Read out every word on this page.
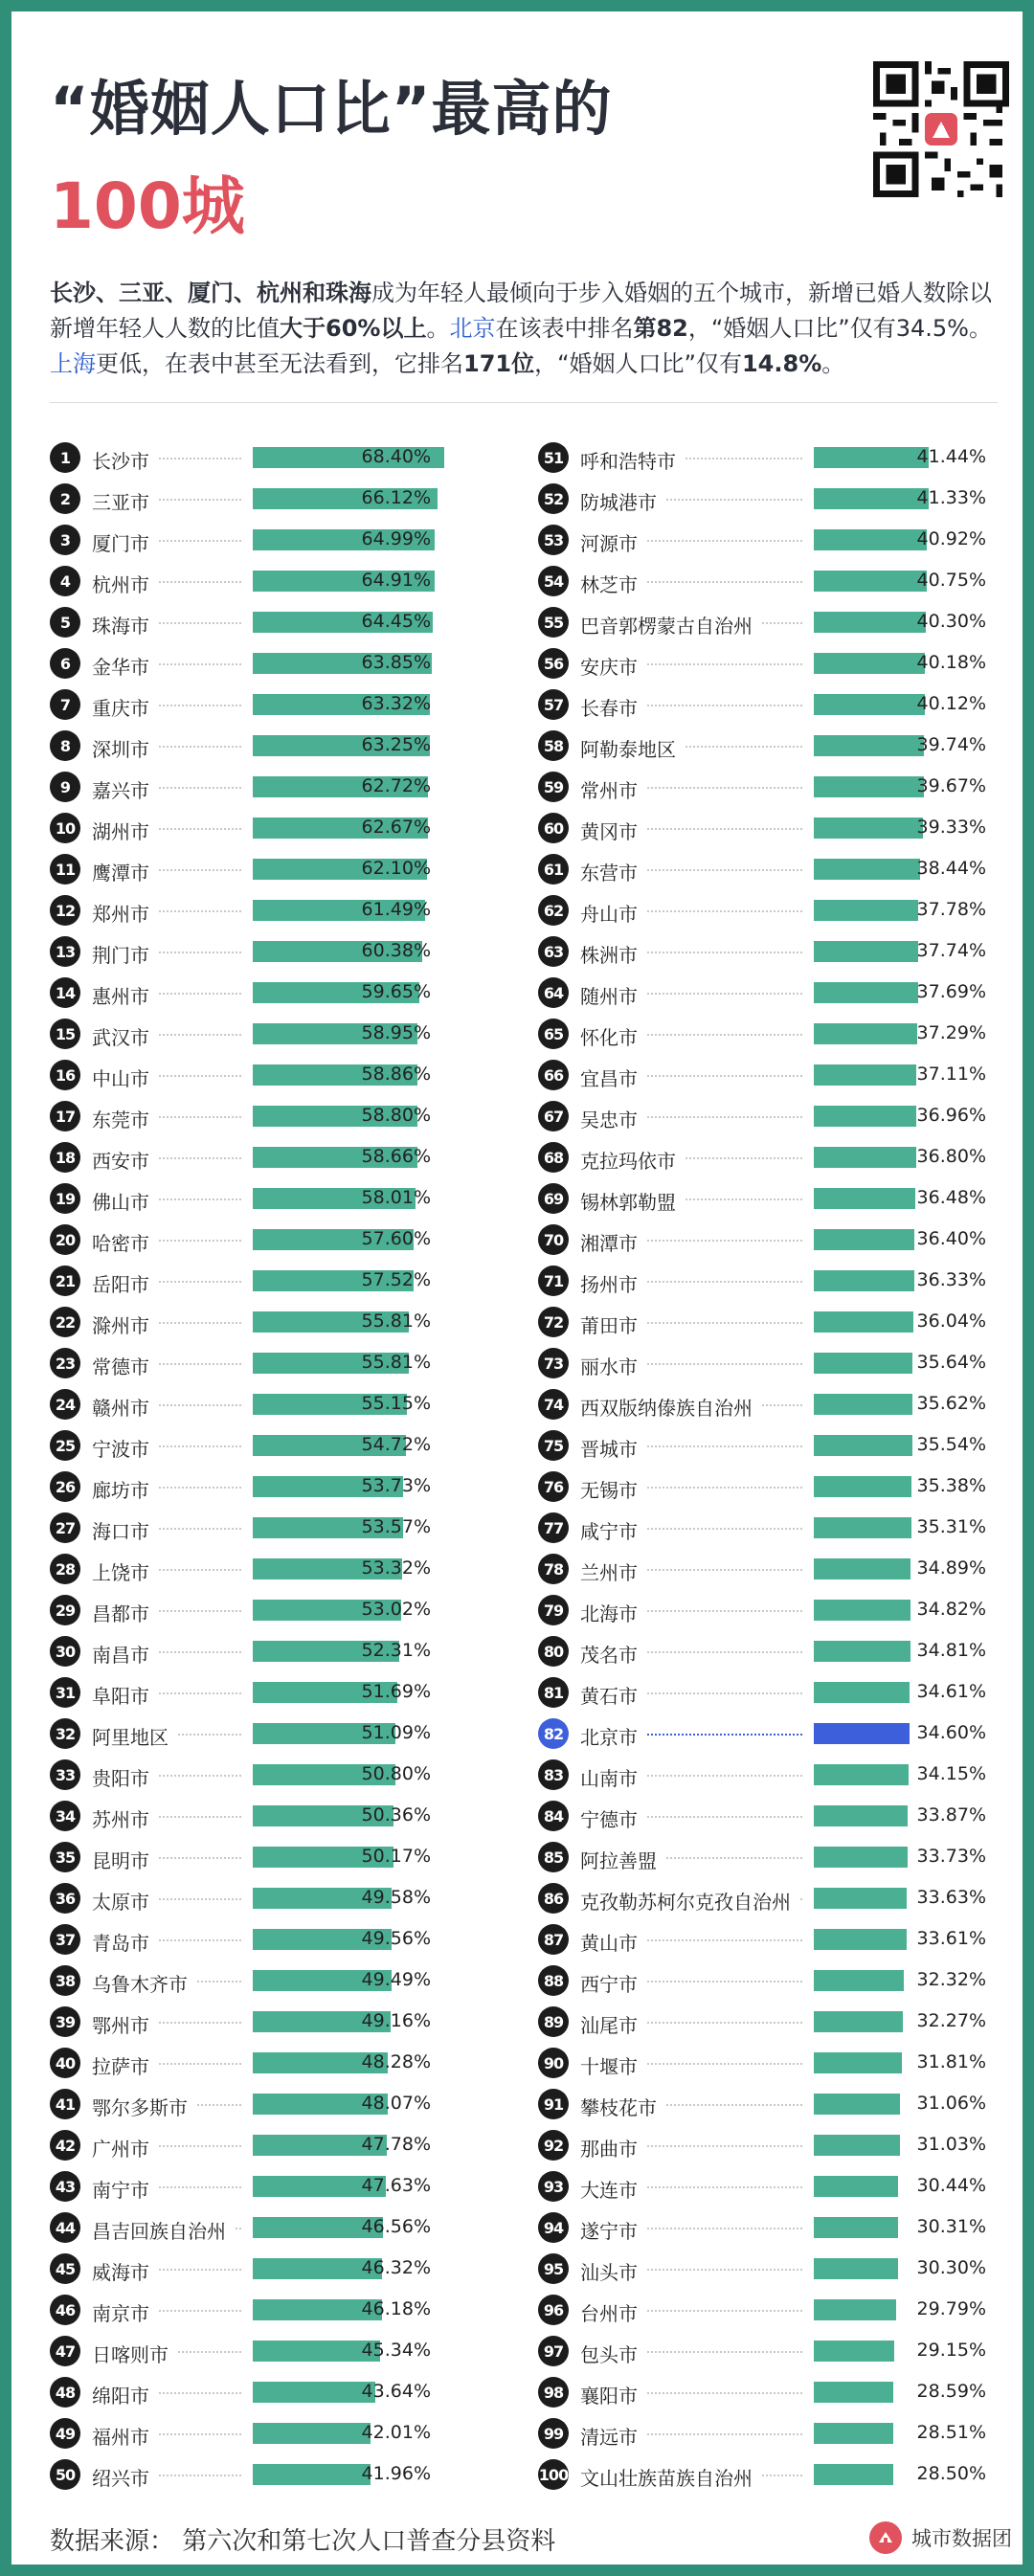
“婚姻人口比”最高的
100城
长沙、三亚、厦门、杭州和珠海成为年轻人最倾向于步入婚姻的五个城市，新增已婚人数除以新增年轻人人数的比值大于60%以上。北京在该表中排名第82，“婚姻人口比”仅有34.5%。上海更低，在表中甚至无法看到，它排名171位，“婚姻人口比”仅有14.8%。
1	长沙市	68.40%
2	三亚市	66.12%
3	厦门市	64.99%
4	杭州市	64.91%
5	珠海市	64.45%
6	金华市	63.85%
7	重庆市	63.32%
8	深圳市	63.25%
9	嘉兴市	62.72%
10 湖州市	62.67%
11 鹰潭市	62.10%
12 郑州市	61.49%
13 荆门市	60.38%
14 惠州市	59.65%
15 武汉市	58.95%
16 中山市	58.86%
17 东莞市	58.80%
18 西安市	58.66%
19 佛山市	58.01%
20 哈密市	57.60%
21 岳阳市	57.52%
22 滁州市	55.81%
23 常德市	55.81%
24 赣州市	55.15%
25 宁波市	54.72%
26 廊坊市	53.73%
27 海口市	53.57%
28 上饶市	53.32%
29 昌都市	53.02%
30 南昌市	52.31%
31 阜阳市	51.69%
32 阿里地区	51.09%
33 贵阳市	50.80%
34 苏州市	50.36%
35 昆明市	50.17%
36 太原市	49.58%
37 青岛市	49.56%
38 乌鲁木齐市	49.49%
39 鄂州市	49.16%
40 拉萨市	48.28%
41 鄂尔多斯市	48.07%
42 广州市	47.78%
43 南宁市	47.63%
44 昌吉回族自治州	46.56%
45 威海市	46.32%
46 南京市	46.18%
47 日喀则市	45.34%
48 绵阳市	43.64%
49 福州市	42.01%
50 绍兴市	41.96%
51 呼和浩特市	41.44%
52 防城港市	41.33%
53 河源市	40.92%
54 林芝市	40.75%
55 巴音郭楞蒙古自治州	40.30%
56 安庆市	40.18%
57 长春市	40.12%
58 阿勒泰地区	39.74%
59 常州市	39.67%
60 黄冈市	39.33%
61 东营市	38.44%
62 舟山市	37.78%
63 株洲市	37.74%
64 随州市	37.69%
65 怀化市	37.29%
66 宜昌市	37.11%
67 吴忠市	36.96%
68 克拉玛依市	36.80%
69 锡林郭勒盟	36.48%
70 湘潭市	36.40%
71 扬州市	36.33%
72 莆田市	36.04%
73 丽水市	35.64%
74 西双版纳傣族自治州	35.62%
75 晋城市	35.54%
76 无锡市	35.38%
77 咸宁市	35.31%
78 兰州市	34.89%
79 北海市	34.82%
80 茂名市	34.81%
81 黄石市	34.61%
82 北京市	34.60%
83 山南市	34.15%
84 宁德市	33.87%
85 阿拉善盟	33.73%
86 克孜勒苏柯尔克孜自治州	33.63%
87 黄山市	33.61%
88 西宁市	32.32%
89 汕尾市	32.27%
90 十堰市	31.81%
91 攀枝花市	31.06%
92 那曲市	31.03%
93 大连市	30.44%
94 遂宁市	30.31%
95 汕头市	30.30%
96 台州市	29.79%
97 包头市	29.15%
98 襄阳市	28.59%
99 清远市	28.51%
100 文山壮族苗族自治州	28.50%
数据来源： 第六次和第七次人口普查分县资料	城市数据团
